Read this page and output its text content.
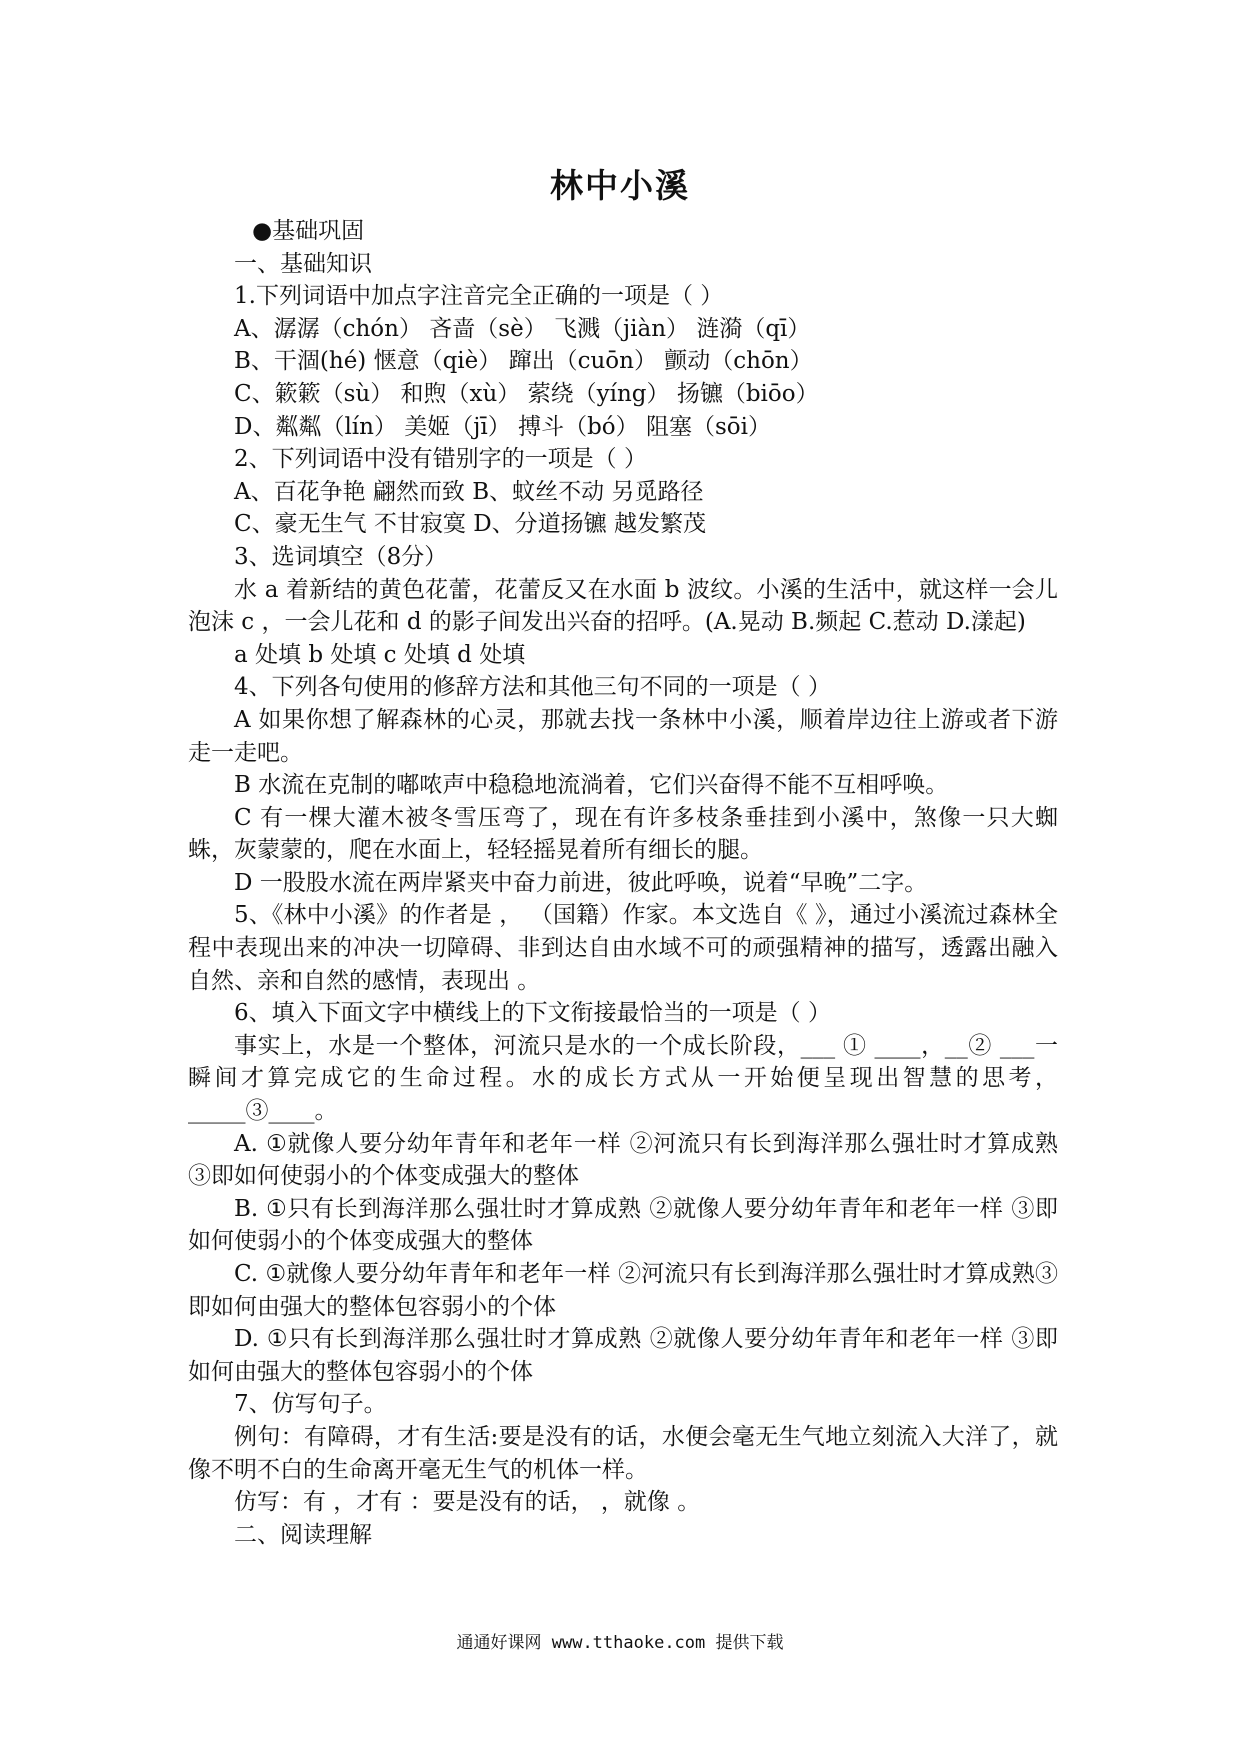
林中小溪

●基础巩固

一、基础知识

1.下列词语中加点字注音完全正确的一项是（ ）

A、潺潺（chón） 吝啬（sè） 飞溅（jiàn） 涟漪（qī）

B、干涸(hé) 惬意（qiè） 蹿出（cuōn） 颤动（chōn）

C、簌簌（sù） 和煦（xù） 萦绕（yíng） 扬镳（biōo）

D、粼粼（lín） 美姬（jī） 搏斗（bó） 阻塞（sōi）

2、下列词语中没有错别字的一项是（ ）

A、百花争艳 翩然而致 B、蚊丝不动 另觅路径

C、豪无生气 不甘寂寞 D、分道扬镳 越发繁茂

3、选词填空（8分）

水 a 着新结的黄色花蕾，花蕾反又在水面 b 波纹。小溪的生活中，就这样一会儿泡沫 c ，一会儿花和 d 的影子间发出兴奋的招呼。(A.晃动 B.频起 C.惹动 D.漾起)

a 处填 b 处填 c 处填 d 处填

4、下列各句使用的修辞方法和其他三句不同的一项是（ ）

A 如果你想了解森林的心灵，那就去找一条林中小溪，顺着岸边往上游或者下游走一走吧。

B 水流在克制的嘟哝声中稳稳地流淌着，它们兴奋得不能不互相呼唤。

C 有一棵大灌木被冬雪压弯了，现在有许多枝条垂挂到小溪中，煞像一只大蜘蛛，灰蒙蒙的，爬在水面上，轻轻摇晃着所有细长的腿。

D 一股股水流在两岸紧夹中奋力前进，彼此呼唤，说着“早晚”二字。

5、《林中小溪》的作者是 ， （国籍）作家。本文选自《 》，通过小溪流过森林全程中表现出来的冲决一切障碍、非到达自由水域不可的顽强精神的描写，透露出融入自然、亲和自然的感情，表现出 。

6、填入下面文字中横线上的下文衔接最恰当的一项是（ ）

事实上，水是一个整体，河流只是水的一个成长阶段，___ ① ____，__② ___一瞬间才算完成它的生命过程。水的成长方式从一开始便呈现出智慧的思考，_____③____。

A. ①就像人要分幼年青年和老年一样 ②河流只有长到海洋那么强壮时才算成熟 ③即如何使弱小的个体变成强大的整体

B. ①只有长到海洋那么强壮时才算成熟 ②就像人要分幼年青年和老年一样 ③即如何使弱小的个体变成强大的整体

C. ①就像人要分幼年青年和老年一样 ②河流只有长到海洋那么强壮时才算成熟③即如何由强大的整体包容弱小的个体

D. ①只有长到海洋那么强壮时才算成熟 ②就像人要分幼年青年和老年一样 ③即如何由强大的整体包容弱小的个体

7、仿写句子。

例句：有障碍，才有生活:要是没有的话，水便会毫无生气地立刻流入大洋了，就像不明不白的生命离开毫无生气的机体一样。

仿写：有 ，才有 ：要是没有的话， ，就像 。

二、阅读理解

通通好课网 www.tthaoke.com 提供下载
